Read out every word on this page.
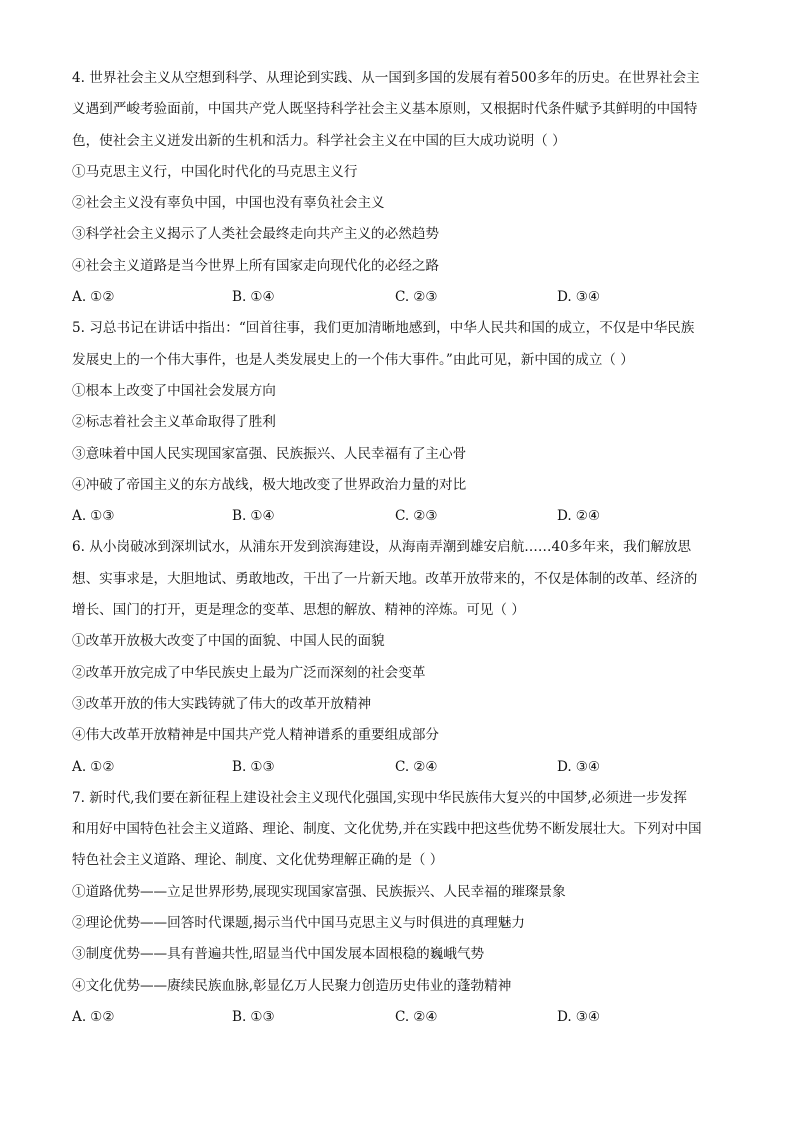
4. 世界社会主义从空想到科学、从理论到实践、从一国到多国的发展有着500多年的历史。在世界社会主

义遇到严峻考验面前，中国共产党人既坚持科学社会主义基本原则，又根据时代条件赋予其鲜明的中国特

色，使社会主义迸发出新的生机和活力。科学社会主义在中国的巨大成功说明（ ）

①马克思主义行，中国化时代化的马克思主义行

②社会主义没有辜负中国，中国也没有辜负社会主义

③科学社会主义揭示了人类社会最终走向共产主义的必然趋势

④社会主义道路是当今世界上所有国家走向现代化的必经之路

A. ①②	B. ①④	C. ②③	D. ③④

5. 习总书记在讲话中指出：“回首往事，我们更加清晰地感到，中华人民共和国的成立，不仅是中华民族

发展史上的一个伟大事件，也是人类发展史上的一个伟大事件。”由此可见，新中国的成立（ ）

①根本上改变了中国社会发展方向

②标志着社会主义革命取得了胜利

③意味着中国人民实现国家富强、民族振兴、人民幸福有了主心骨

④冲破了帝国主义的东方战线，极大地改变了世界政治力量的对比

A. ①③	B. ①④	C. ②③	D. ②④

6. 从小岗破冰到深圳试水，从浦东开发到滨海建设，从海南弄潮到雄安启航……40多年来，我们解放思

想、实事求是，大胆地试、勇敢地改，干出了一片新天地。改革开放带来的，不仅是体制的改革、经济的

增长、国门的打开，更是理念的变革、思想的解放、精神的淬炼。可见（ ）

①改革开放极大改变了中国的面貌、中国人民的面貌

②改革开放完成了中华民族史上最为广泛而深刻的社会变革

③改革开放的伟大实践铸就了伟大的改革开放精神

④伟大改革开放精神是中国共产党人精神谱系的重要组成部分

A. ①②	B. ①③	C. ②④	D. ③④

7. 新时代,我们要在新征程上建设社会主义现代化强国,实现中华民族伟大复兴的中国梦,必须进一步发挥

和用好中国特色社会主义道路、理论、制度、文化优势,并在实践中把这些优势不断发展壮大。下列对中国

特色社会主义道路、理论、制度、文化优势理解正确的是（ ）

①道路优势——立足世界形势,展现实现国家富强、民族振兴、人民幸福的璀璨景象

②理论优势——回答时代课题,揭示当代中国马克思主义与时俱进的真理魅力

③制度优势——具有普遍共性,昭显当代中国发展本固根稳的巍峨气势

④文化优势——赓续民族血脉,彰显亿万人民聚力创造历史伟业的蓬勃精神

A. ①②	B. ①③	C. ②④	D. ③④
